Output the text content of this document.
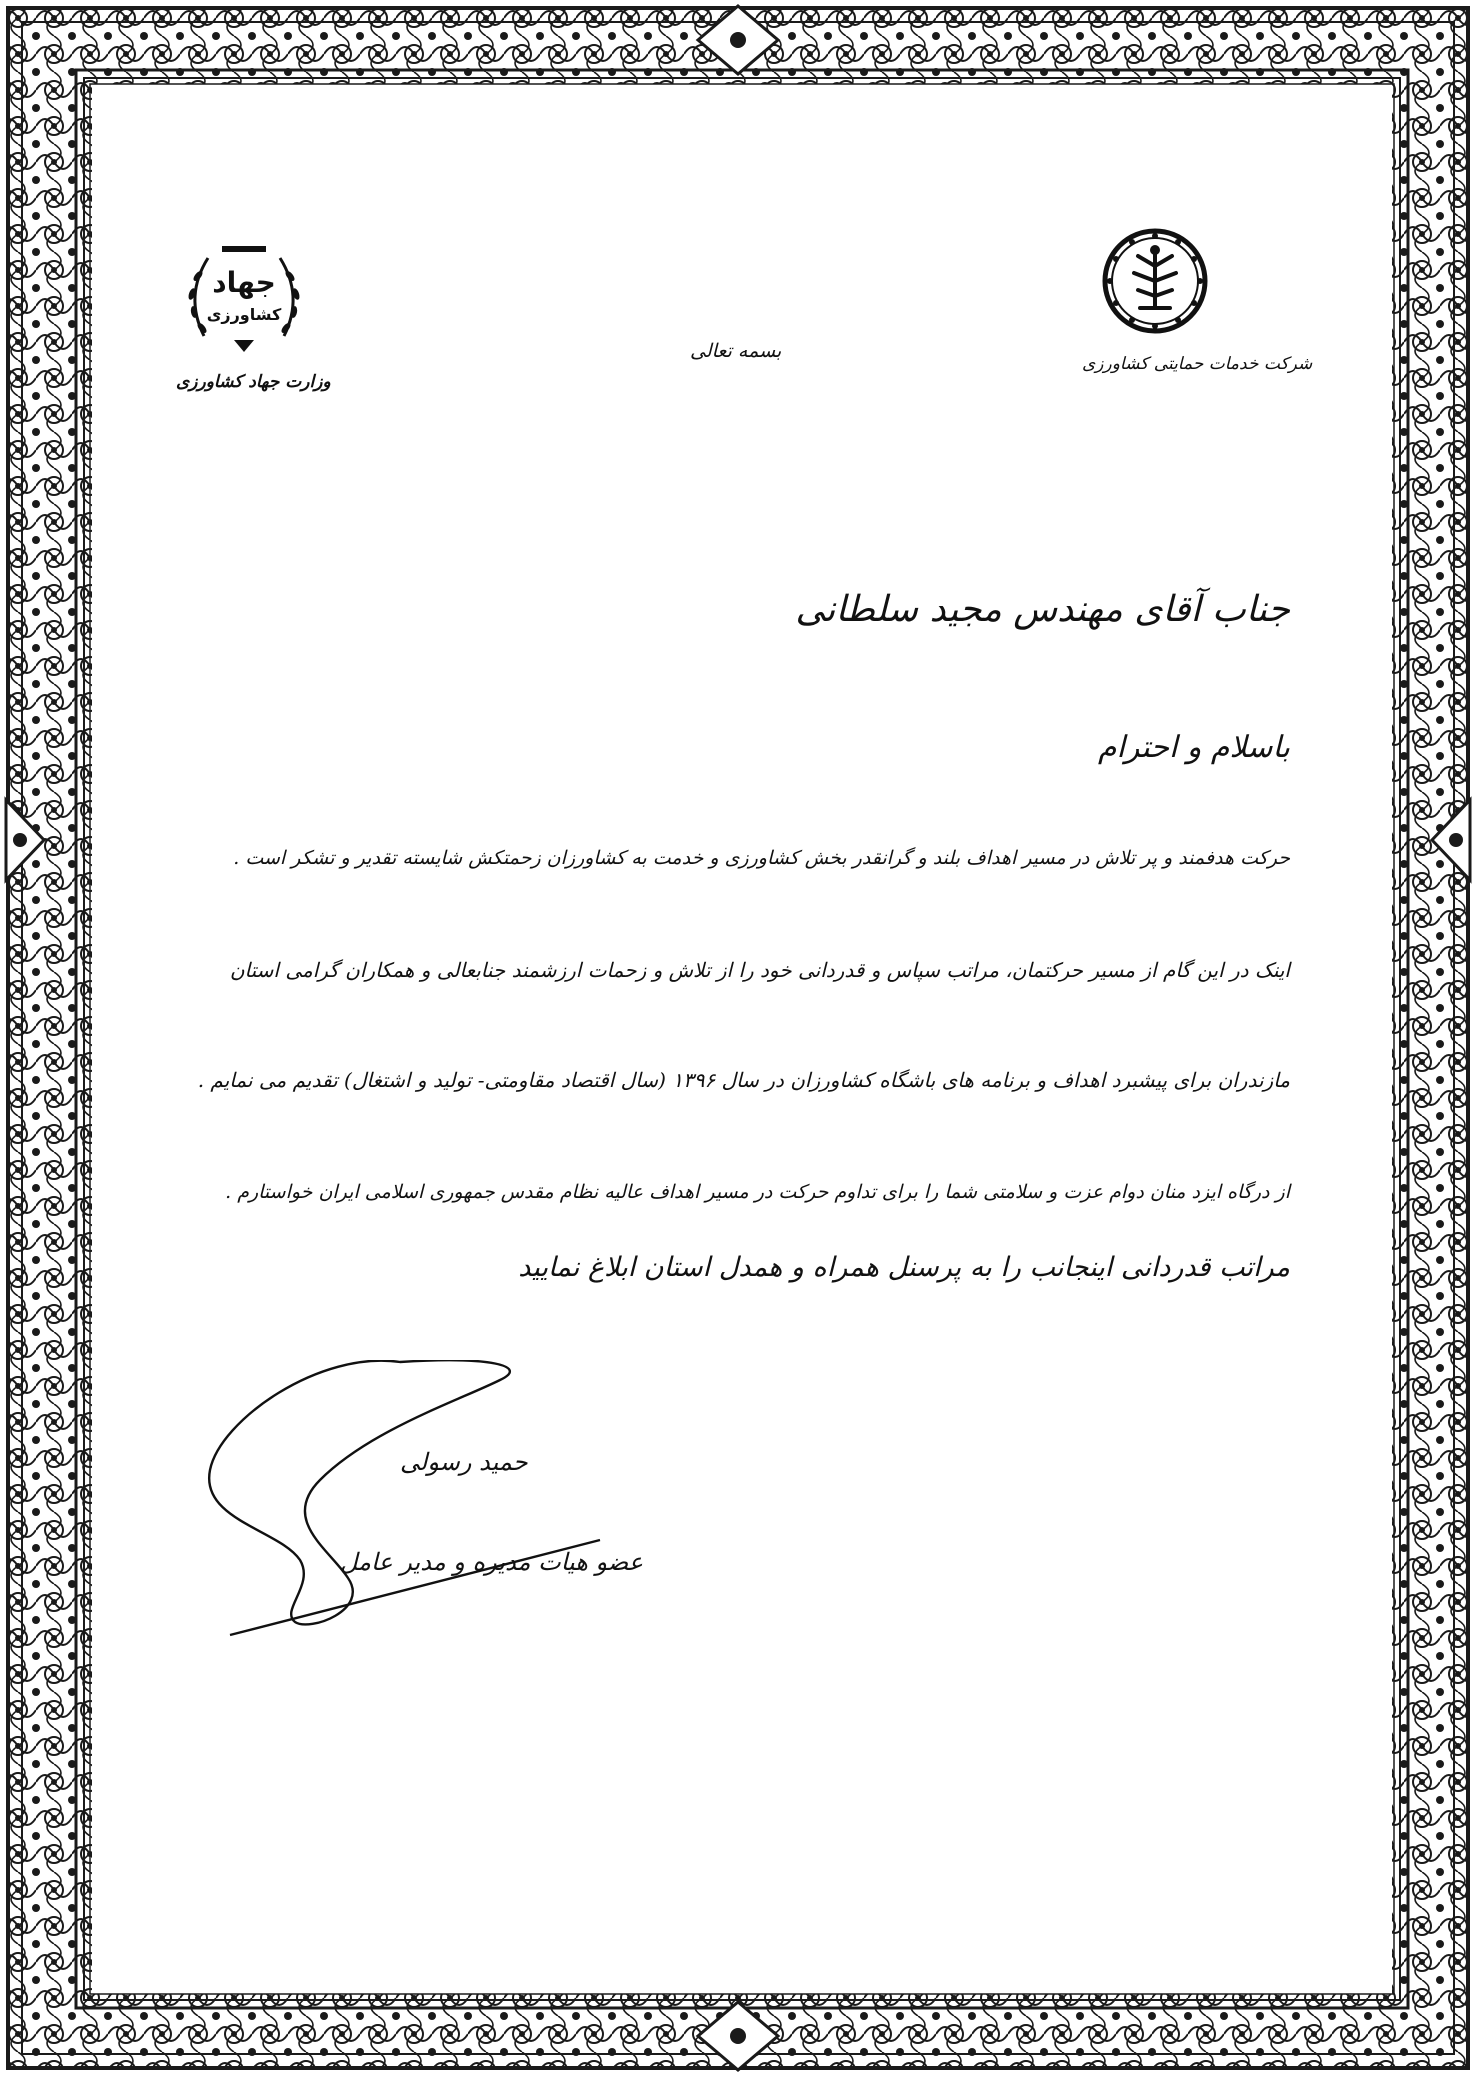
شرکت خدمات حمایتی کشاورزی
جهاد
کشاورزی
وزارت جهاد کشاورزی
بسمه تعالی
جناب آقای مهندس مجید سلطانی
باسلام و احترام
حرکت هدفمند و پر تلاش در مسیر اهداف بلند و گرانقدر بخش کشاورزی و خدمت به کشاورزان زحمتکش شایسته تقدیر و تشکر است .
اینک در این گام از مسیر حرکتمان، مراتب سپاس و قدردانی خود را از تلاش و زحمات ارزشمند جنابعالی و همکاران گرامی استان
مازندران برای پیشبرد اهداف و برنامه های باشگاه کشاورزان در سال ۱۳۹۶ (سال اقتصاد مقاومتی- تولید و اشتغال) تقدیم می نمایم .
از درگاه ایزد منان دوام عزت و سلامتی شما را برای تداوم حرکت در مسیر اهداف عالیه نظام مقدس جمهوری اسلامی ایران خواستارم .
مراتب قدردانی اینجانب را به پرسنل همراه و همدل استان ابلاغ نمایید
حمید رسولی
عضو هیات مدیره و مدیر عامل
